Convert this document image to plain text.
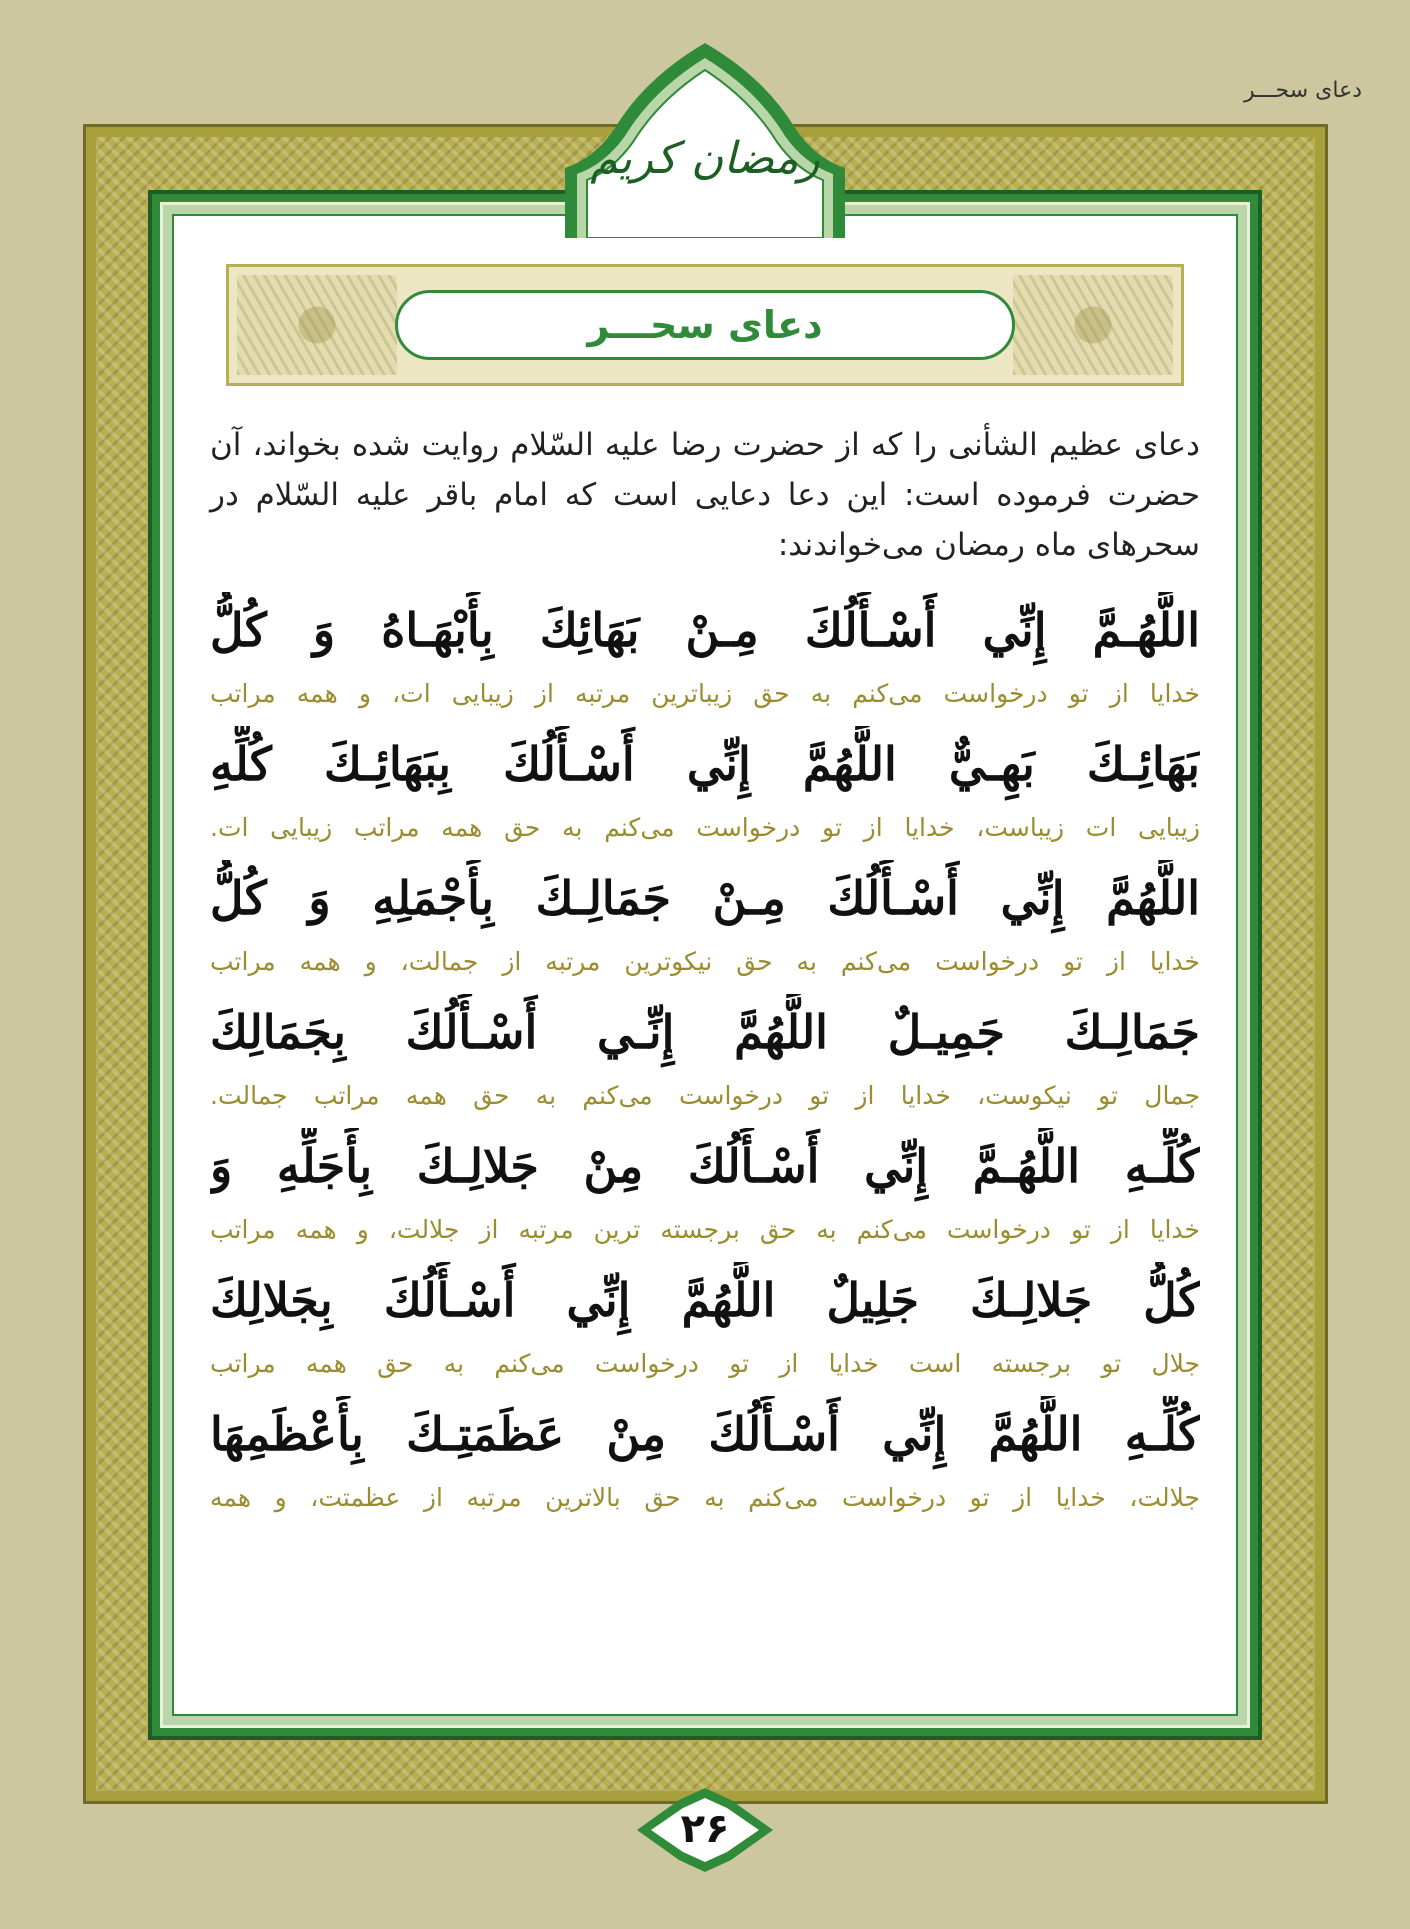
دعای سحـــر
رمضان کریم
دعای سحـــر

دعای عظیم الشأنی را که از حضرت رضا علیه السّلام روایت شده بخواند، آن حضرت فرموده است: این دعا دعایی است که امام باقر علیه السّلام در سحرهای ماه رمضان می‌خواندند:

اللَّهُـمَّ إِنِّي أَسْـأَلُكَ مِـنْ بَهَائِكَ بِأَبْهَـاهُ وَ كُلُّ

خدایا از تو درخواست می‌کنم به حق زیباترین مرتبه از زیبایی ات، و همه مراتب

بَهَائِـكَ بَهِـيٌّ اللَّهُمَّ إِنِّي أَسْـأَلُكَ بِبَهَائِـكَ كُلِّهِ

زیبایی ات زیباست، خدایا از تو درخواست می‌کنم به حق همه مراتب زیبایی ات.

اللَّهُمَّ إِنِّي أَسْـأَلُكَ مِـنْ جَمَالِـكَ بِأَجْمَلِهِ وَ كُلُّ

خدایا از تو درخواست می‌کنم به حق نیکوترین مرتبه از جمالت، و همه مراتب

جَمَالِـكَ جَمِيـلٌ اللَّهُمَّ إِنِّـي أَسْـأَلُكَ بِجَمَالِكَ

جمال تو نیکوست، خدایا از تو درخواست می‌کنم به حق همه مراتب جمالت.

كُلِّـهِ اللَّهُـمَّ إِنِّي أَسْـأَلُكَ مِنْ جَلالِـكَ بِأَجَلِّهِ وَ

خدایا از تو درخواست می‌کنم به حق برجسته ترین مرتبه از جلالت، و همه مراتب

كُلُّ جَلالِـكَ جَلِيلٌ اللَّهُمَّ إِنِّي أَسْـأَلُكَ بِجَلالِكَ

جلال تو برجسته است خدایا از تو درخواست می‌کنم به حق همه مراتب

كُلِّـهِ اللَّهُمَّ إِنِّي أَسْـأَلُكَ مِنْ عَظَمَتِـكَ بِأَعْظَمِهَا

جلالت، خدایا از تو درخواست می‌کنم به حق بالاترین مرتبه از عظمتت، و همه

۲۶
